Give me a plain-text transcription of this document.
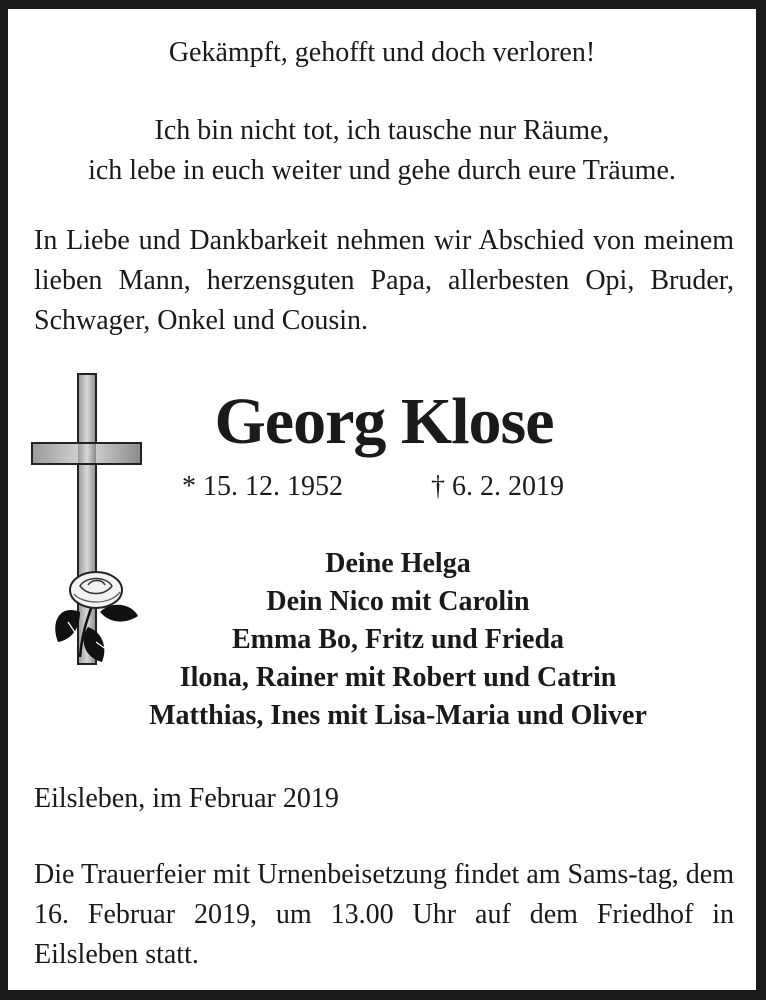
Gekämpft, gehofft und doch verloren!
Ich bin nicht tot, ich tausche nur Räume,
ich lebe in euch weiter und gehe durch eure Träume.
In Liebe und Dankbarkeit nehmen wir Abschied von meinem lieben Mann, herzensguten Papa, allerbesten Opi, Bruder, Schwager, Onkel und Cousin.
Georg Klose
* 15. 12. 1952	† 6. 2. 2019
Deine Helga
Dein Nico mit Carolin
Emma Bo, Fritz und Frieda
Ilona, Rainer mit Robert und Catrin
Matthias, Ines mit Lisa-Maria und Oliver
Eilsleben, im Februar 2019
Die Trauerfeier mit Urnenbeisetzung findet am Sams-tag, dem 16. Februar 2019, um 13.00 Uhr auf dem Friedhof in Eilsleben statt.
